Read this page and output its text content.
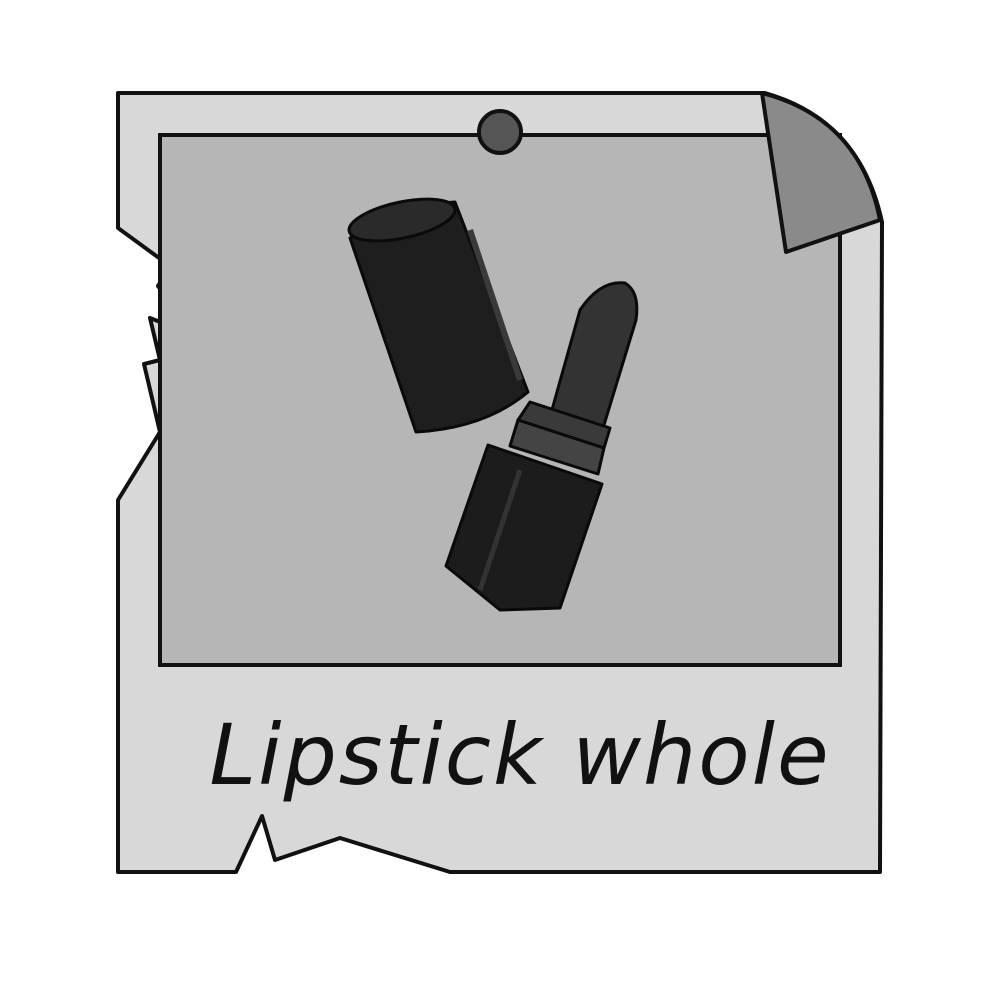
Lipstick whole
